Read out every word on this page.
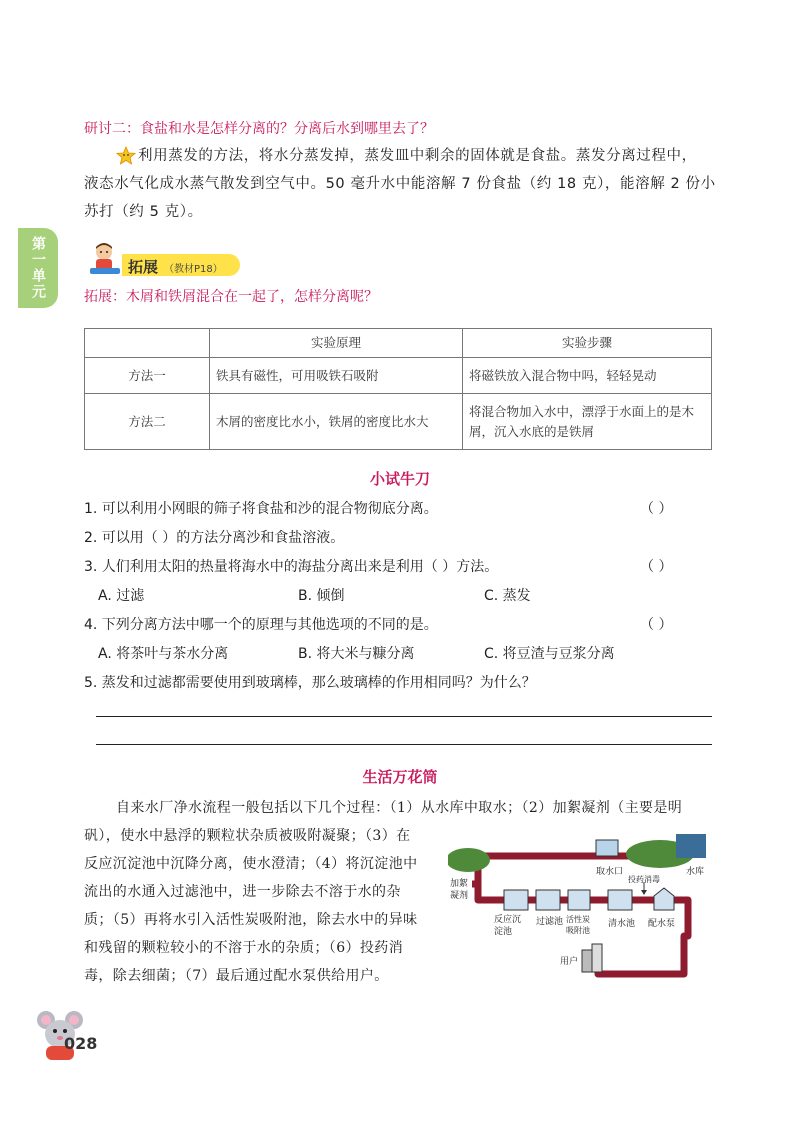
研讨二：食盐和水是怎样分离的？分离后水到哪里去了？
利用蒸发的方法，将水分蒸发掉，蒸发皿中剩余的固体就是食盐。蒸发分离过程中，
液态水气化成水蒸气散发到空气中。50 毫升水中能溶解 7 份食盐（约 18 克），能溶解 2 份小
苏打（约 5 克）。
第一单元	拓展 （教材P18）
拓展：木屑和铁屑混合在一起了，怎样分离呢？
	实验原理	实验步骤
方法一	铁具有磁性，可用吸铁石吸附	将磁铁放入混合物中吗，轻轻晃动
方法二	木屑的密度比水小，铁屑的密度比水大	将混合物加入水中，漂浮于水面上的是木屑，沉入水底的是铁屑
小试牛刀
1. 可以利用小网眼的筛子将食盐和沙的混合物彻底分离。	（ ）
2. 可以用（ ）的方法分离沙和食盐溶液。
3. 人们利用太阳的热量将海水中的海盐分离出来是利用（ ）方法。	（ ）
A. 过滤	B. 倾倒	C. 蒸发
4. 下列分离方法中哪一个的原理与其他选项的不同的是。	（ ）
A. 将茶叶与茶水分离	B. 将大米与糠分离	C. 将豆渣与豆浆分离
5. 蒸发和过滤都需要使用到玻璃棒，那么玻璃棒的作用相同吗？为什么？
生活万花筒
自来水厂净水流程一般包括以下几个过程：（1）从水库中取水；（2）加絮凝剂（主要是明
矾），使水中悬浮的颗粒状杂质被吸附凝聚；（3）在
反应沉淀池中沉降分离，使水澄清；（4）将沉淀池中
流出的水通入过滤池中，进一步除去不溶于水的杂
质；（5）再将水引入活性炭吸附池，除去水中的异味
和残留的颗粒较小的不溶于水的杂质；（6）投药消
毒，除去细菌；（7）最后通过配水泵供给用户。
取水口	水库
加絮凝剂
投药消毒
反应沉淀池
过滤池 活性炭吸附池
清水池 配水泵
用户
028
